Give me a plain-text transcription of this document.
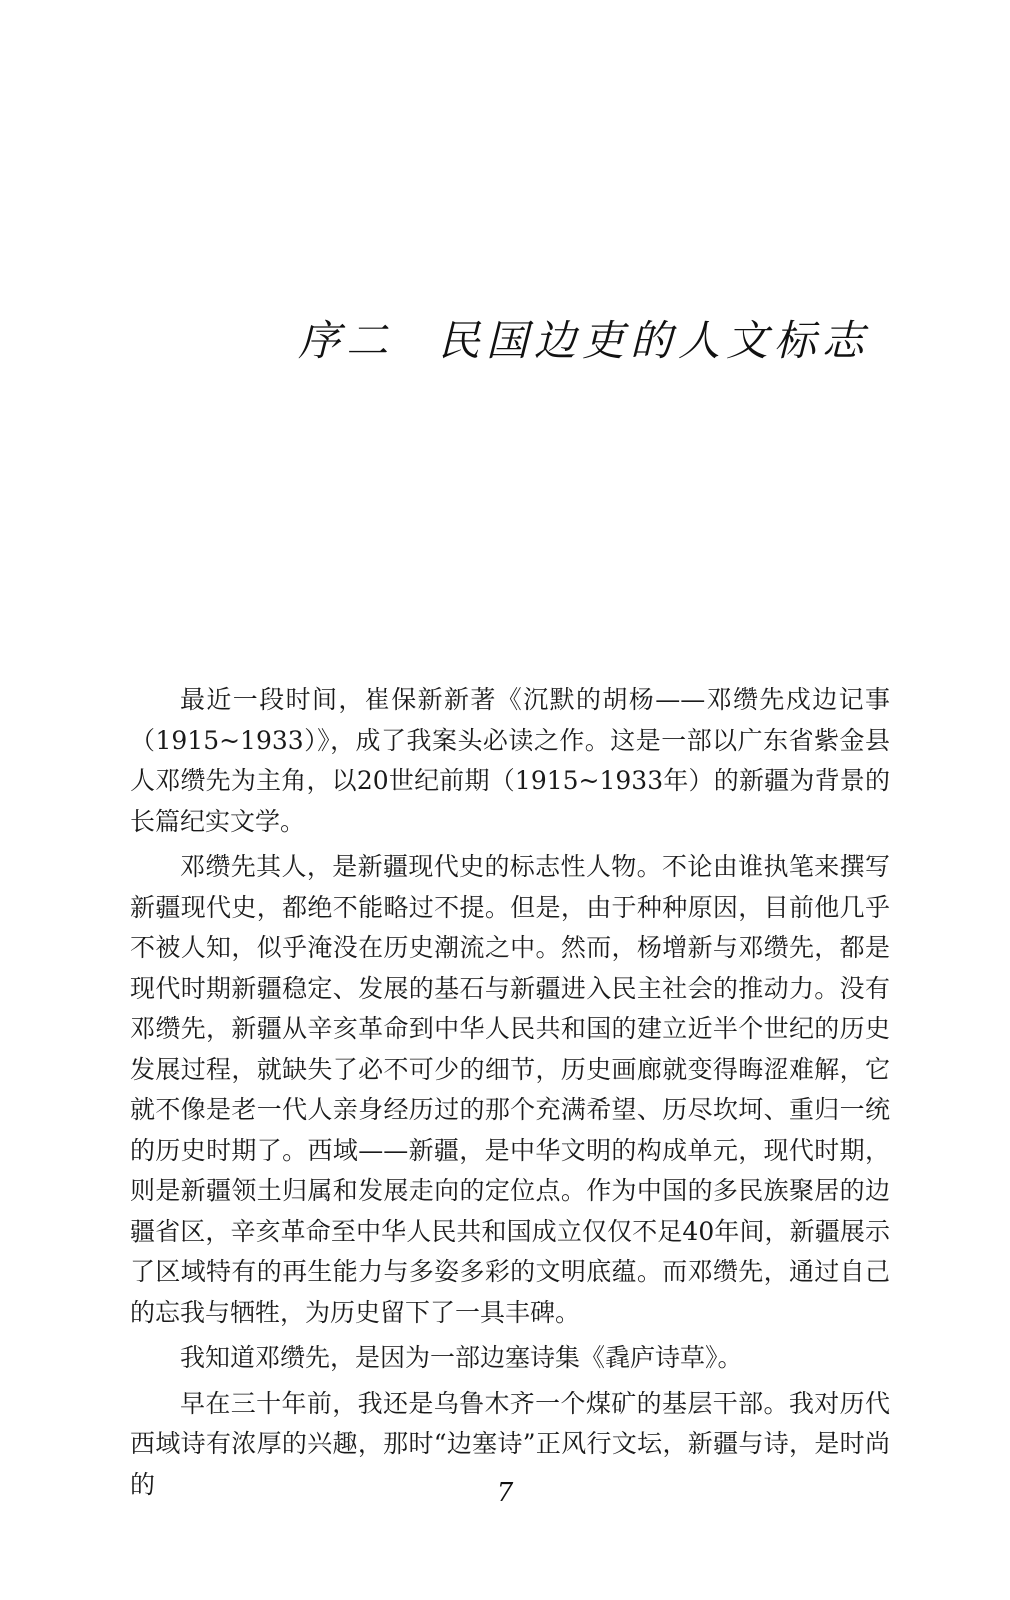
序二 民国边吏的人文标志

最近一段时间，崔保新新著《沉默的胡杨——邓缵先戍边记事（1915~1933）》，成了我案头必读之作。这是一部以广东省紫金县人邓缵先为主角，以20世纪前期（1915~1933年）的新疆为背景的长篇纪实文学。

邓缵先其人，是新疆现代史的标志性人物。不论由谁执笔来撰写新疆现代史，都绝不能略过不提。但是，由于种种原因，目前他几乎不被人知，似乎淹没在历史潮流之中。然而，杨增新与邓缵先，都是现代时期新疆稳定、发展的基石与新疆进入民主社会的推动力。没有邓缵先，新疆从辛亥革命到中华人民共和国的建立近半个世纪的历史发展过程，就缺失了必不可少的细节，历史画廊就变得晦涩难解，它就不像是老一代人亲身经历过的那个充满希望、历尽坎坷、重归一统的历史时期了。西域——新疆，是中华文明的构成单元，现代时期，则是新疆领土归属和发展走向的定位点。作为中国的多民族聚居的边疆省区，辛亥革命至中华人民共和国成立仅仅不足40年间，新疆展示了区域特有的再生能力与多姿多彩的文明底蕴。而邓缵先，通过自己的忘我与牺牲，为历史留下了一具丰碑。

我知道邓缵先，是因为一部边塞诗集《毳庐诗草》。

早在三十年前，我还是乌鲁木齐一个煤矿的基层干部。我对历代西域诗有浓厚的兴趣，那时“边塞诗”正风行文坛，新疆与诗，是时尚的	7
